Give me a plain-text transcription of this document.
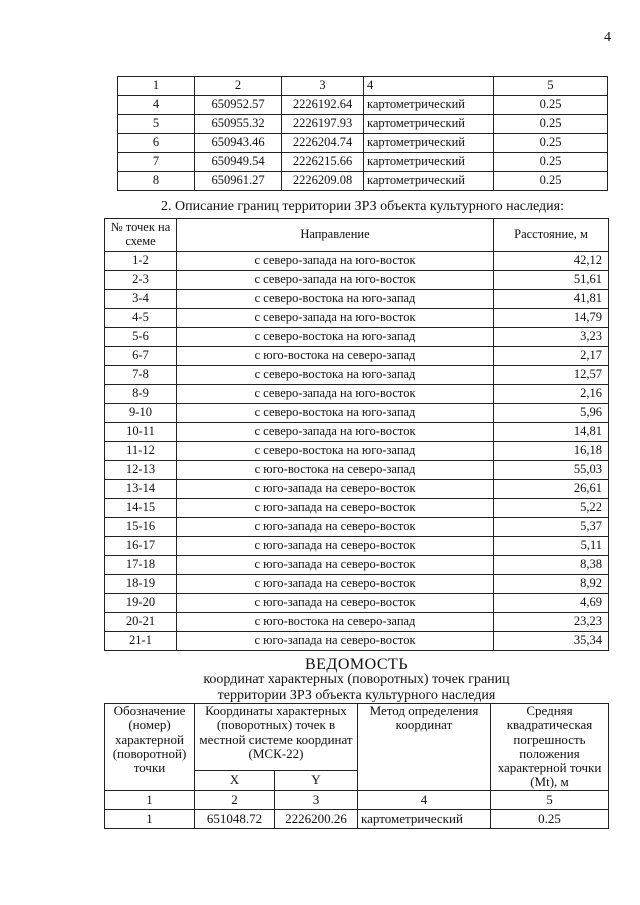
4
1	2	3	4	5
4	650952.57	2226192.64	картометрический	0.25
5	650955.32	2226197.93	картометрический	0.25
6	650943.46	2226204.74	картометрический	0.25
7	650949.54	2226215.66	картометрический	0.25
8	650961.27	2226209.08	картометрический	0.25
2. Описание границ территории ЗРЗ объекта культурного наследия:
№ точек на схеме	Направление	Расстояние, м
1-2	с северо-запада на юго-восток	42,12
2-3	с северо-запада на юго-восток	51,61
3-4	с северо-востока на юго-запад	41,81
4-5	с северо-запада на юго-восток	14,79
5-6	с северо-востока на юго-запад	3,23
6-7	с юго-востока на северо-запад	2,17
7-8	с северо-востока на юго-запад	12,57
8-9	с северо-запада на юго-восток	2,16
9-10	с северо-востока на юго-запад	5,96
10-11	с северо-запада на юго-восток	14,81
11-12	с северо-востока на юго-запад	16,18
12-13	с юго-востока на северо-запад	55,03
13-14	с юго-запада на северо-восток	26,61
14-15	с юго-запада на северо-восток	5,22
15-16	с юго-запада на северо-восток	5,37
16-17	с юго-запада на северо-восток	5,11
17-18	с юго-запада на северо-восток	8,38
18-19	с юго-запада на северо-восток	8,92
19-20	с юго-запада на северо-восток	4,69
20-21	с юго-востока на северо-запад	23,23
21-1	с юго-запада на северо-восток	35,34
ВЕДОМОСТЬ
координат характерных (поворотных) точек границ
территории ЗРЗ объекта культурного наследия
Обозначение (номер) характерной (поворотной) точки	Координаты характерных (поворотных) точек в местной системе координат (МСК-22)		Метод определения координат	Средняя квадратическая погрешность положения характерной точки (Mt), м
	X	Y		
1	2	3	4	5
1	651048.72	2226200.26	картометрический	0.25
